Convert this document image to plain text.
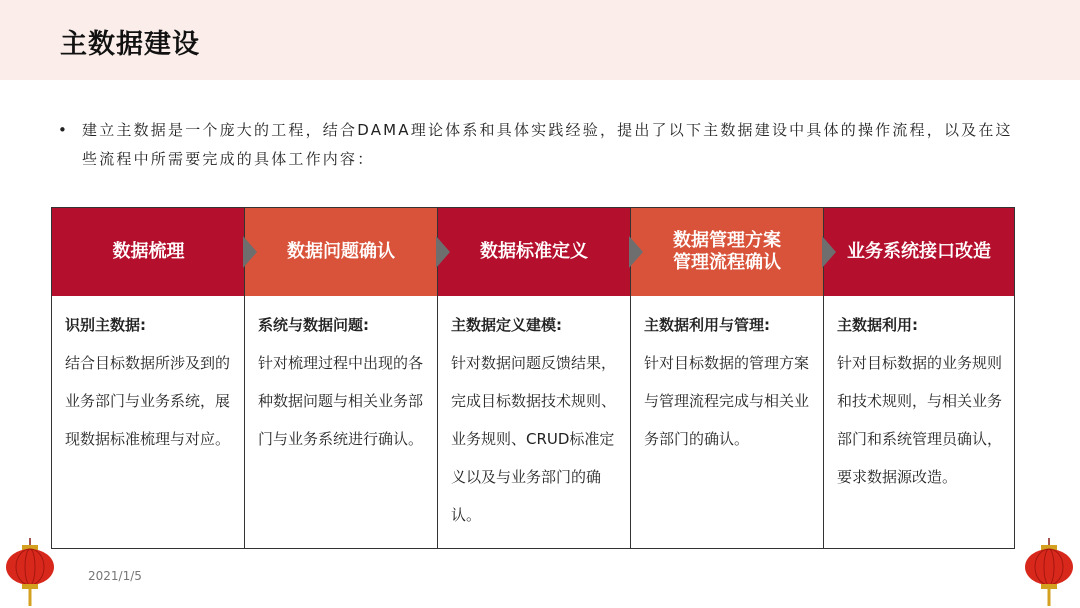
主数据建设
• 建立主数据是一个庞大的工程，结合DAMA理论体系和具体实践经验，提出了以下主数据建设中具体的操作流程，以及在这些流程中所需要完成的具体工作内容：
数据梳理
识别主数据:
结合目标数据所涉及到的业务部门与业务系统，展现数据标准梳理与对应。
数据问题确认
系统与数据问题:
针对梳理过程中出现的各种数据问题与相关业务部门与业务系统进行确认。
数据标准定义
主数据定义建模:
针对数据问题反馈结果，完成目标数据技术规则、业务规则、CRUD标准定义以及与业务部门的确认。
数据管理方案管理流程确认
主数据利用与管理:
针对目标数据的管理方案与管理流程完成与相关业务部门的确认。
业务系统接口改造
主数据利用:
针对目标数据的业务规则和技术规则，与相关业务部门和系统管理员确认，要求数据源改造。
2021/1/5
